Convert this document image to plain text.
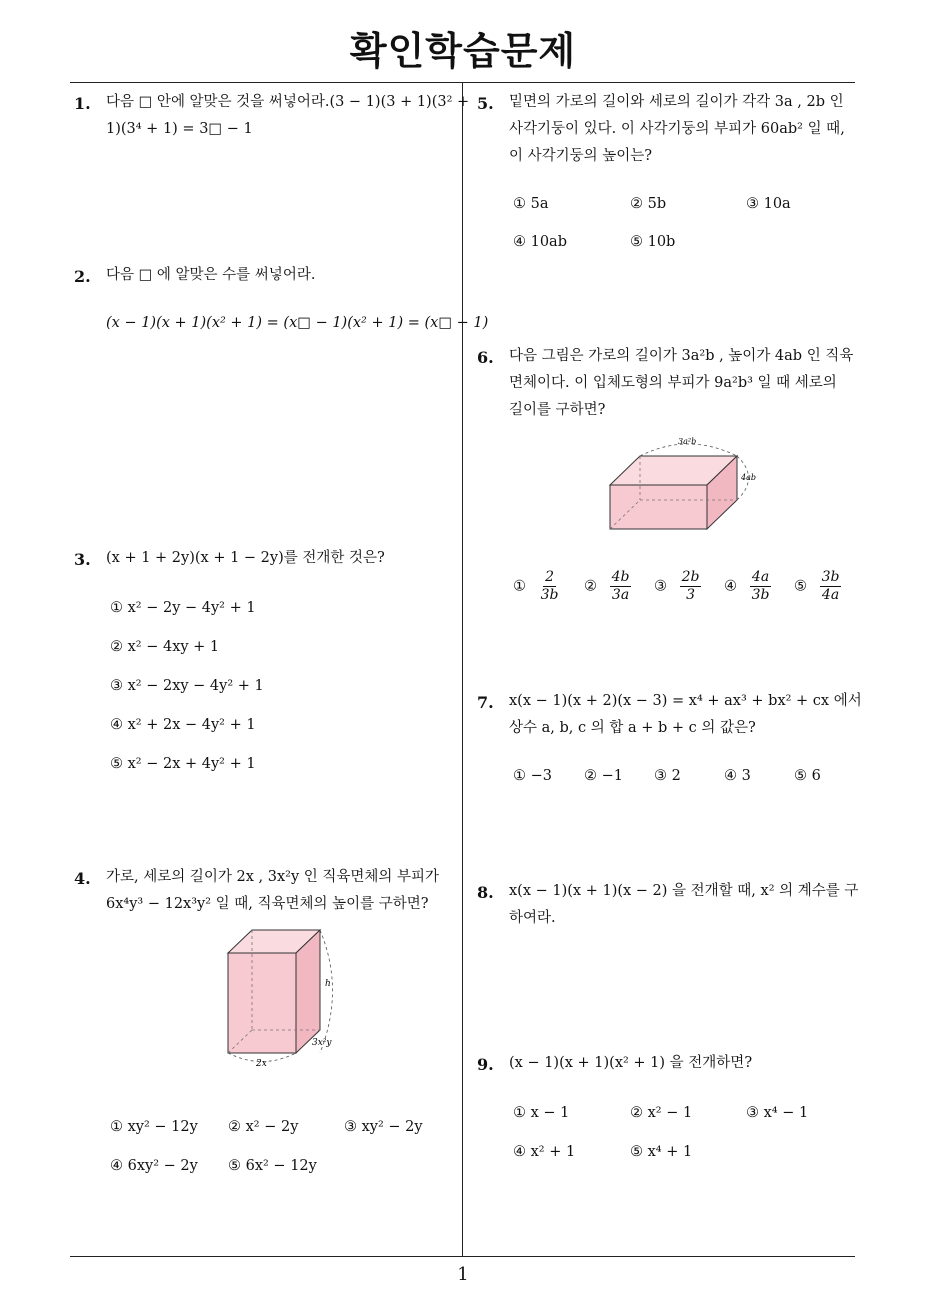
확인학습문제
1
1. 다음 □ 안에 알맞은 것을 써넣어라.(3 − 1)(3 + 1)(3² +
1)(3⁴ + 1) = 3□ − 1
2. 다음 □ 에 알맞은 수를 써넣어라.
(x − 1)(x + 1)(x² + 1) = (x□ − 1)(x² + 1) = (x□ − 1)
3. (x + 1 + 2y)(x + 1 − 2y)를 전개한 것은?
① x² − 2y − 4y² + 1
② x² − 4xy + 1
③ x² − 2xy − 4y² + 1
④ x² + 2x − 4y² + 1
⑤ x² − 2x + 4y² + 1
4. 가로, 세로의 길이가 2x , 3x²y 인 직육면체의 부피가
6x⁴y³ − 12x³y² 일 때, 직육면체의 높이를 구하면?
h
2x
3x²y
① xy² − 12y ② x² − 2y	③ xy² − 2y
④ 6xy² − 2y ⑤ 6x² − 12y
5. 밑면의 가로의 길이와 세로의 길이가 각각 3a , 2b 인
사각기둥이 있다. 이 사각기둥의 부피가 60ab² 일 때,
이 사각기둥의 높이는?
① 5a	② 5b	③ 10a
④ 10ab	⑤ 10b
6. 다음 그림은 가로의 길이가 3a²b , 높이가 4ab 인 직육
면체이다. 이 입체도형의 부피가 9a²b³ 일 때 세로의
길이를 구하면?
3a²b
4ab
① $\frac{2}{3b}$ ② $\frac{4b}{3a}$ ③ $\frac{2b}{3}$ ④ $\frac{4a}{3b}$ ⑤ $\frac{3b}{4a}$
7. x(x − 1)(x + 2)(x − 3) = x⁴ + ax³ + bx² + cx 에서
상수 a, b, c 의 합 a + b + c 의 값은?
① −3 ② −1 ③ 2	④ 3	⑤ 6
8. x(x − 1)(x + 1)(x − 2) 을 전개할 때, x² 의 계수를 구
하여라.
9. (x − 1)(x + 1)(x² + 1) 을 전개하면?
① x − 1	② x² − 1	③ x⁴ − 1
④ x² + 1	⑤ x⁴ + 1
